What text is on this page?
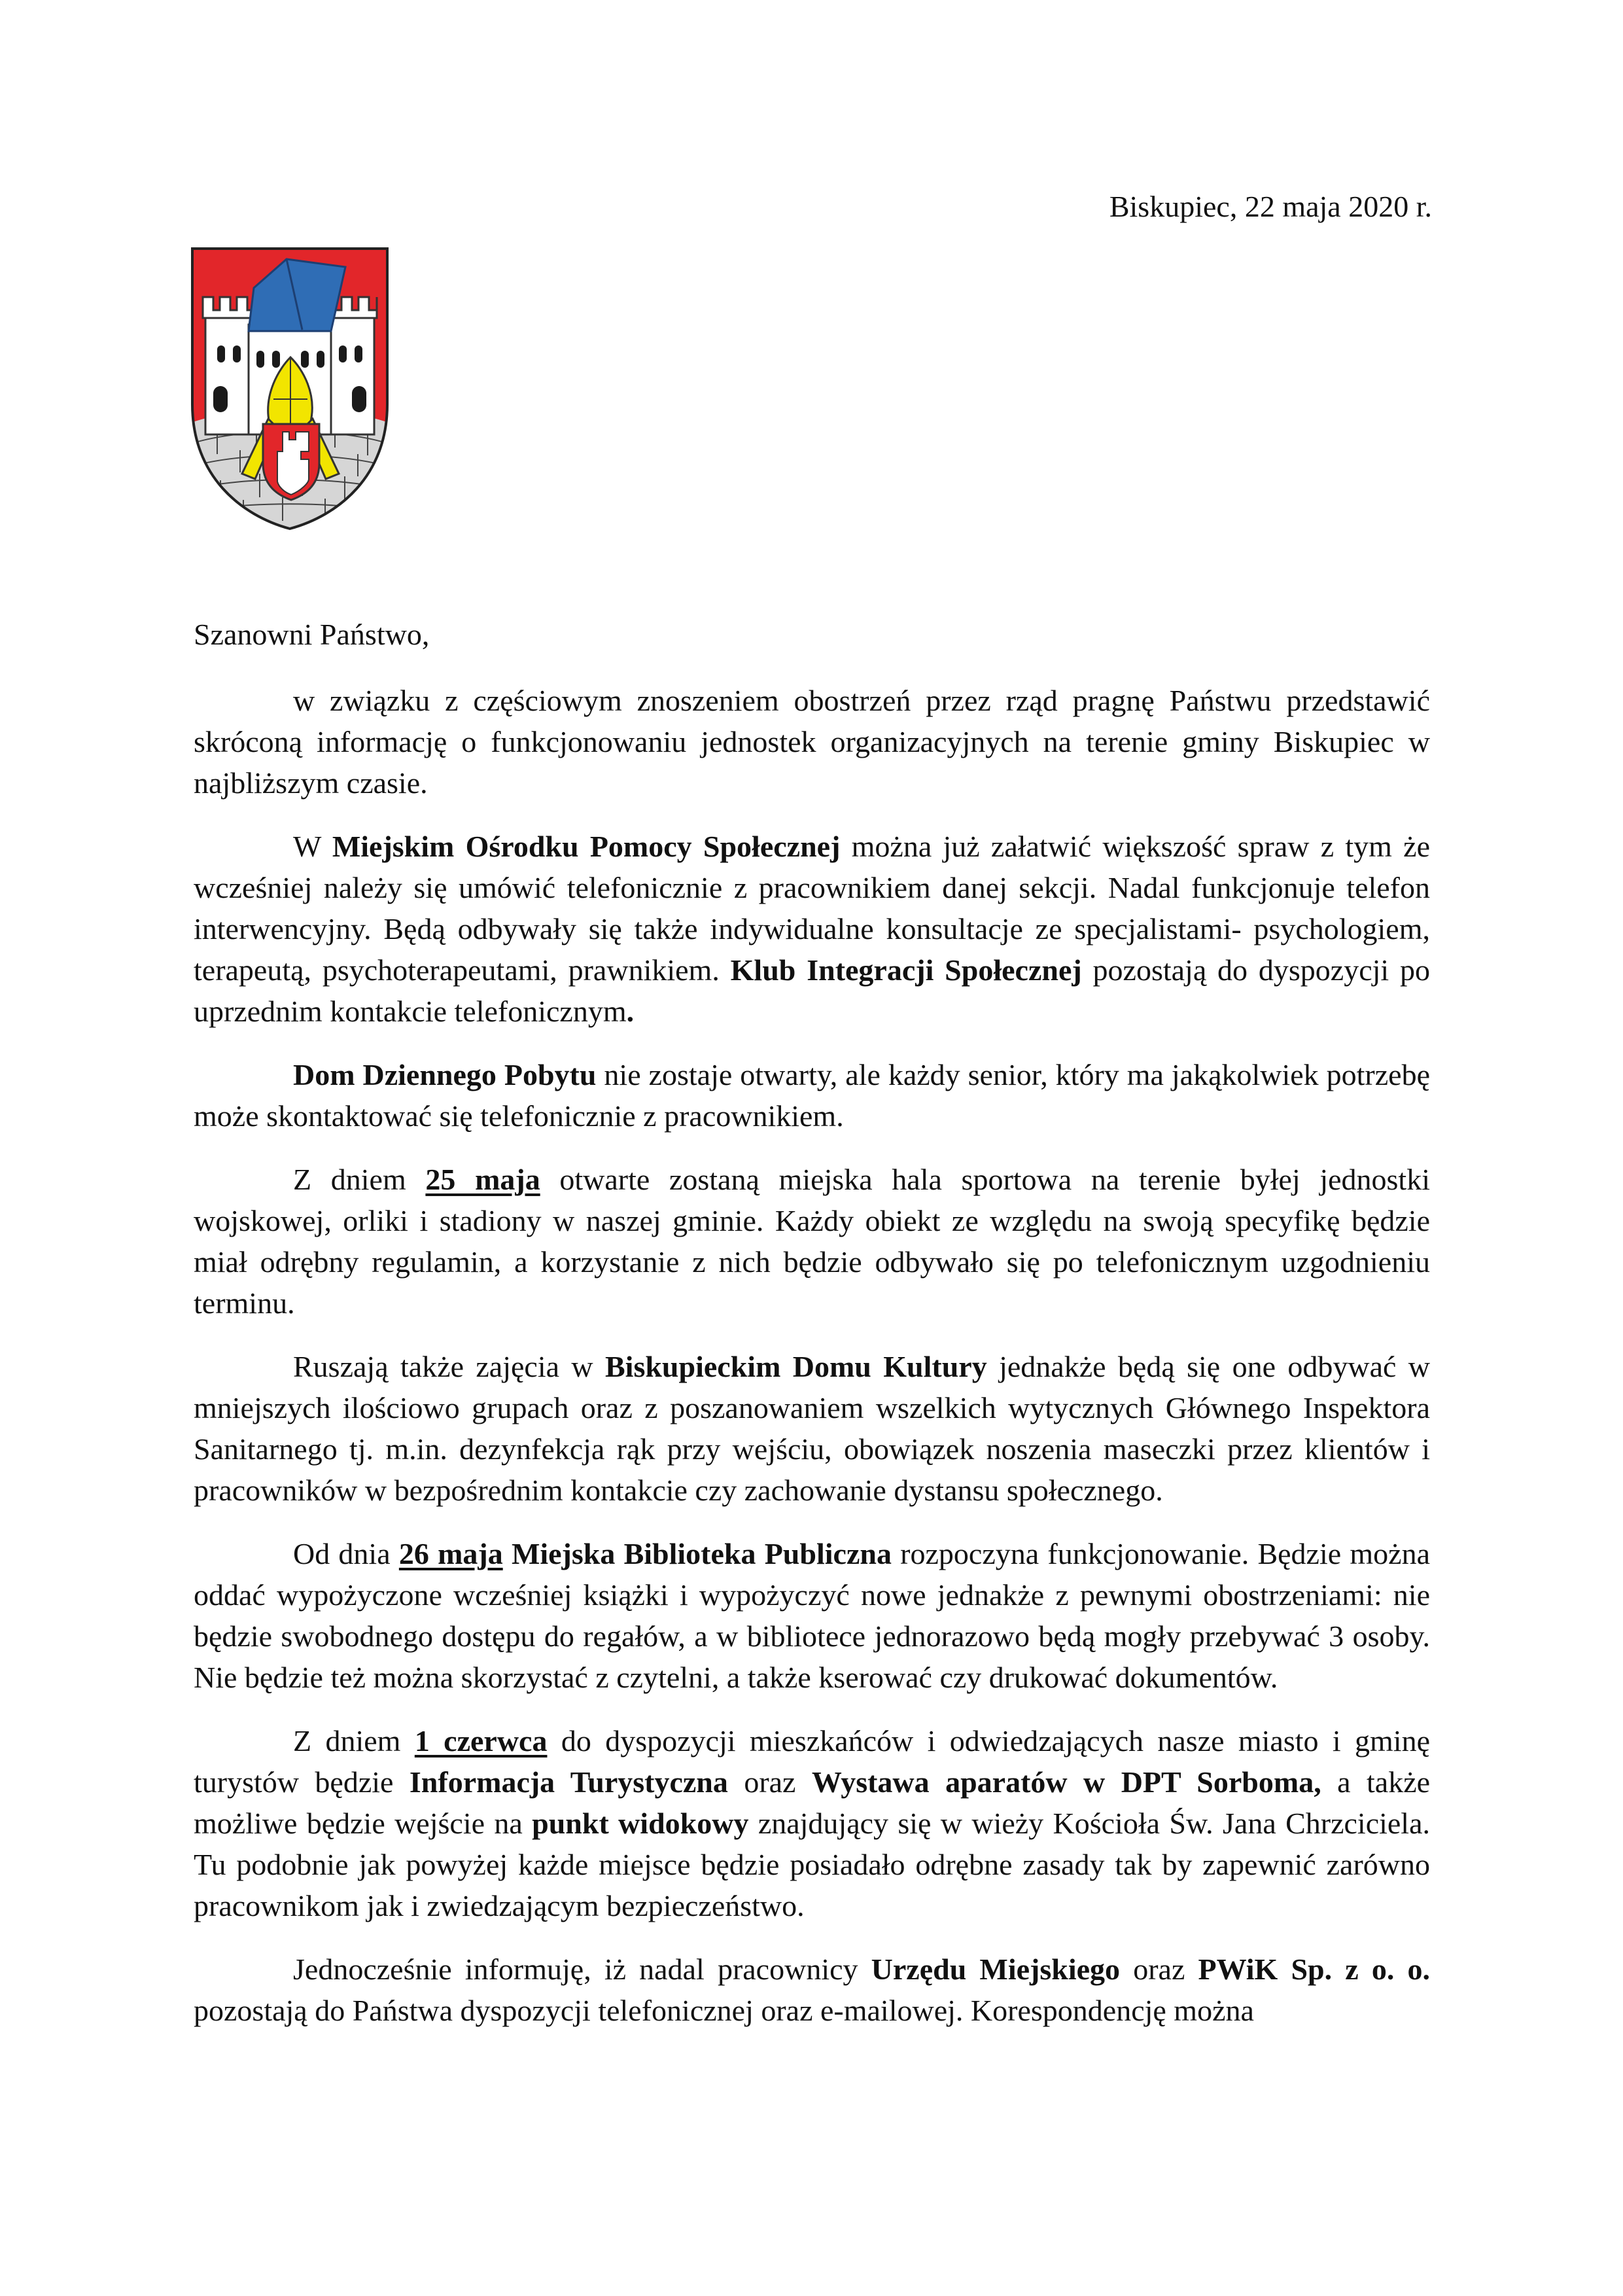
Biskupiec, 22 maja 2020 r.

Szanowni Państwo,

w związku z częściowym znoszeniem obostrzeń przez rząd pragnę Państwu przedstawić skróconą informację o funkcjonowaniu jednostek organizacyjnych na terenie gminy Biskupiec w najbliższym czasie.

W Miejskim Ośrodku Pomocy Społecznej można już załatwić większość spraw z tym że wcześniej należy się umówić telefonicznie z pracownikiem danej sekcji. Nadal funkcjonuje telefon interwencyjny. Będą odbywały się także indywidualne konsultacje ze specjalistami- psychologiem, terapeutą, psychoterapeutami, prawnikiem. Klub Integracji Społecznej pozostają do dyspozycji po uprzednim kontakcie telefonicznym.

Dom Dziennego Pobytu nie zostaje otwarty, ale każdy senior, który ma jakąkolwiek potrzebę może skontaktować się telefonicznie z pracownikiem.

Z dniem 25 maja otwarte zostaną miejska hala sportowa na terenie byłej jednostki wojskowej, orliki i stadiony w naszej gminie. Każdy obiekt ze względu na swoją specyfikę będzie miał odrębny regulamin, a korzystanie z nich będzie odbywało się po telefonicznym uzgodnieniu terminu.

Ruszają także zajęcia w Biskupieckim Domu Kultury jednakże będą się one odbywać w mniejszych ilościowo grupach oraz z poszanowaniem wszelkich wytycznych Głównego Inspektora Sanitarnego tj. m.in. dezynfekcja rąk przy wejściu, obowiązek noszenia maseczki przez klientów i pracowników w bezpośrednim kontakcie czy zachowanie dystansu społecznego.

Od dnia 26 maja Miejska Biblioteka Publiczna rozpoczyna funkcjonowanie. Będzie można oddać wypożyczone wcześniej książki i wypożyczyć nowe jednakże z pewnymi obostrzeniami: nie będzie swobodnego dostępu do regałów, a w bibliotece jednorazowo będą mogły przebywać 3 osoby. Nie będzie też można skorzystać z czytelni, a także kserować czy drukować dokumentów.

Z dniem 1 czerwca do dyspozycji mieszkańców i odwiedzających nasze miasto i gminę turystów będzie Informacja Turystyczna oraz Wystawa aparatów w DPT Sorboma, a także możliwe będzie wejście na punkt widokowy znajdujący się w wieży Kościoła Św. Jana Chrzciciela. Tu podobnie jak powyżej każde miejsce będzie posiadało odrębne zasady tak by zapewnić zarówno pracownikom jak i zwiedzającym bezpieczeństwo.

Jednocześnie informuję, iż nadal pracownicy Urzędu Miejskiego oraz PWiK Sp. z o. o. pozostają do Państwa dyspozycji telefonicznej oraz e-mailowej. Korespondencję można
